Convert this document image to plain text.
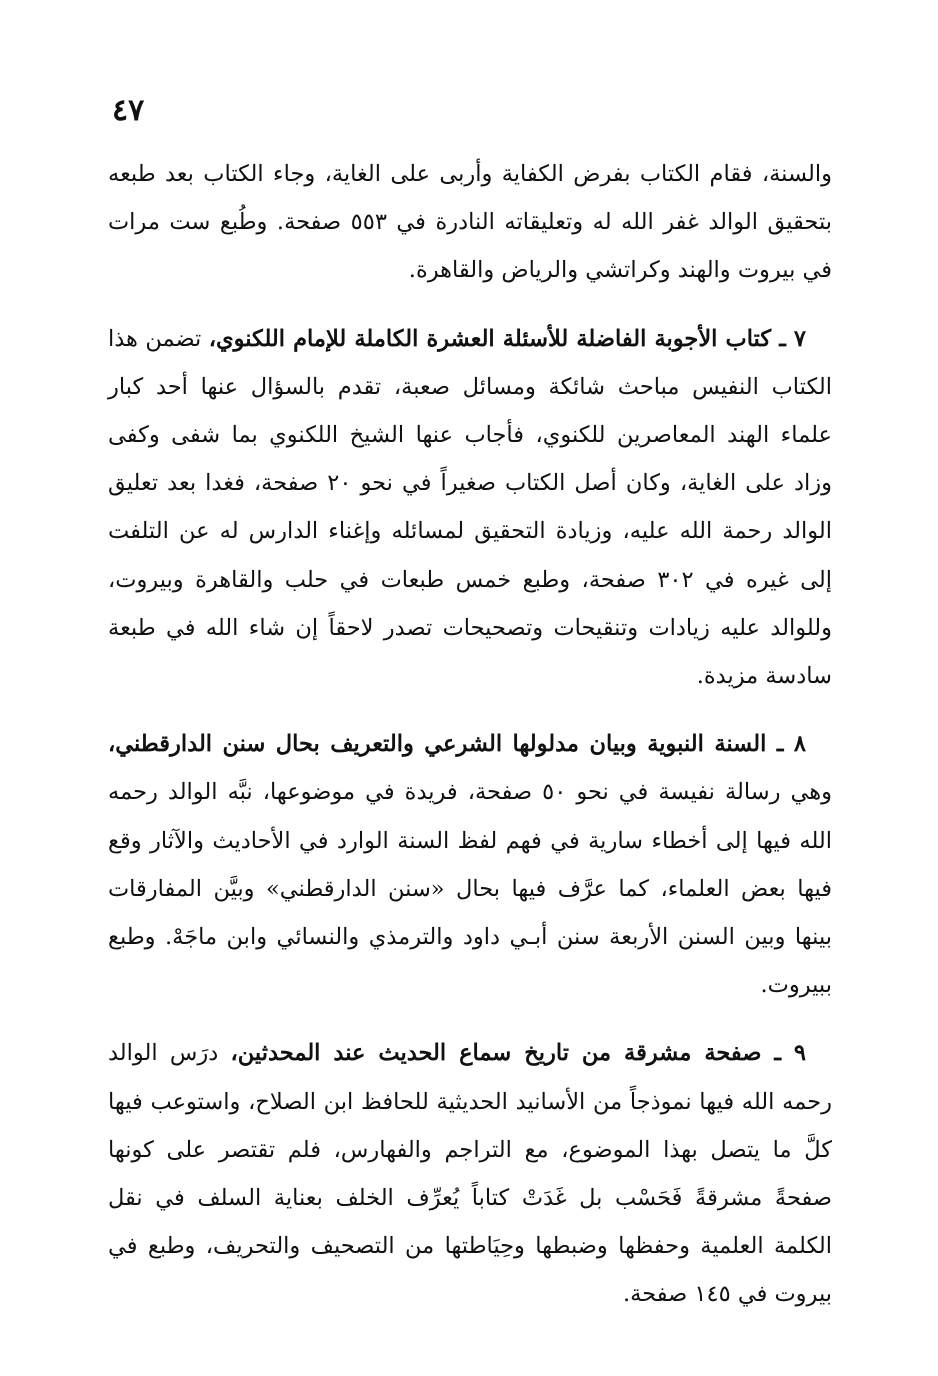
٤٧

والسنة، فقام الكتاب بفرض الكفاية وأربى على الغاية، وجاء الكتاب بعد طبعه بتحقيق الوالد غفر الله له وتعليقاته النادرة في ٥٥٣ صفحة. وطُبع ست مرات في بيروت والهند وكراتشي والرياض والقاهرة.

٧ ـ كتاب الأجوبة الفاضلة للأسئلة العشرة الكاملة للإمام اللكنوي، تضمن هذا الكتاب النفيس مباحث شائكة ومسائل صعبة، تقدم بالسؤال عنها أحد كبار علماء الهند المعاصرين للكنوي، فأجاب عنها الشيخ اللكنوي بما شفى وكفى وزاد على الغاية، وكان أصل الكتاب صغيراً في نحو ٢٠ صفحة، فغدا بعد تعليق الوالد رحمة الله عليه، وزيادة التحقيق لمسائله وإغناء الدارس له عن التلفت إلى غيره في ٣٠٢ صفحة، وطبع خمس طبعات في حلب والقاهرة وبيروت، وللوالد عليه زيادات وتنقيحات وتصحيحات تصدر لاحقاً إن شاء الله في طبعة سادسة مزيدة.

٨ ـ السنة النبوية وبيان مدلولها الشرعي والتعريف بحال سنن الدارقطني، وهي رسالة نفيسة في نحو ٥٠ صفحة، فريدة في موضوعها، نبَّه الوالد رحمه الله فيها إلى أخطاء سارية في فهم لفظ السنة الوارد في الأحاديث والآثار وقع فيها بعض العلماء، كما عرَّف فيها بحال «سنن الدارقطني» وبيَّن المفارقات بينها وبين السنن الأربعة سنن أبـي داود والترمذي والنسائي وابن ماجَهْ. وطبع ببيروت.

٩ ـ صفحة مشرقة من تاريخ سماع الحديث عند المحدثين، درَس الوالد رحمه الله فيها نموذجاً من الأسانيد الحديثية للحافظ ابن الصلاح، واستوعب فيها كلَّ ما يتصل بهذا الموضوع، مع التراجم والفهارس، فلم تقتصر على كونها صفحةً مشرقةً فَحَسْب بل غَدَتْ كتاباً يُعرِّف الخلف بعناية السلف في نقل الكلمة العلمية وحفظها وضبطها وحِيَاطتها من التصحيف والتحريف، وطبع في بيروت في ١٤٥ صفحة.
